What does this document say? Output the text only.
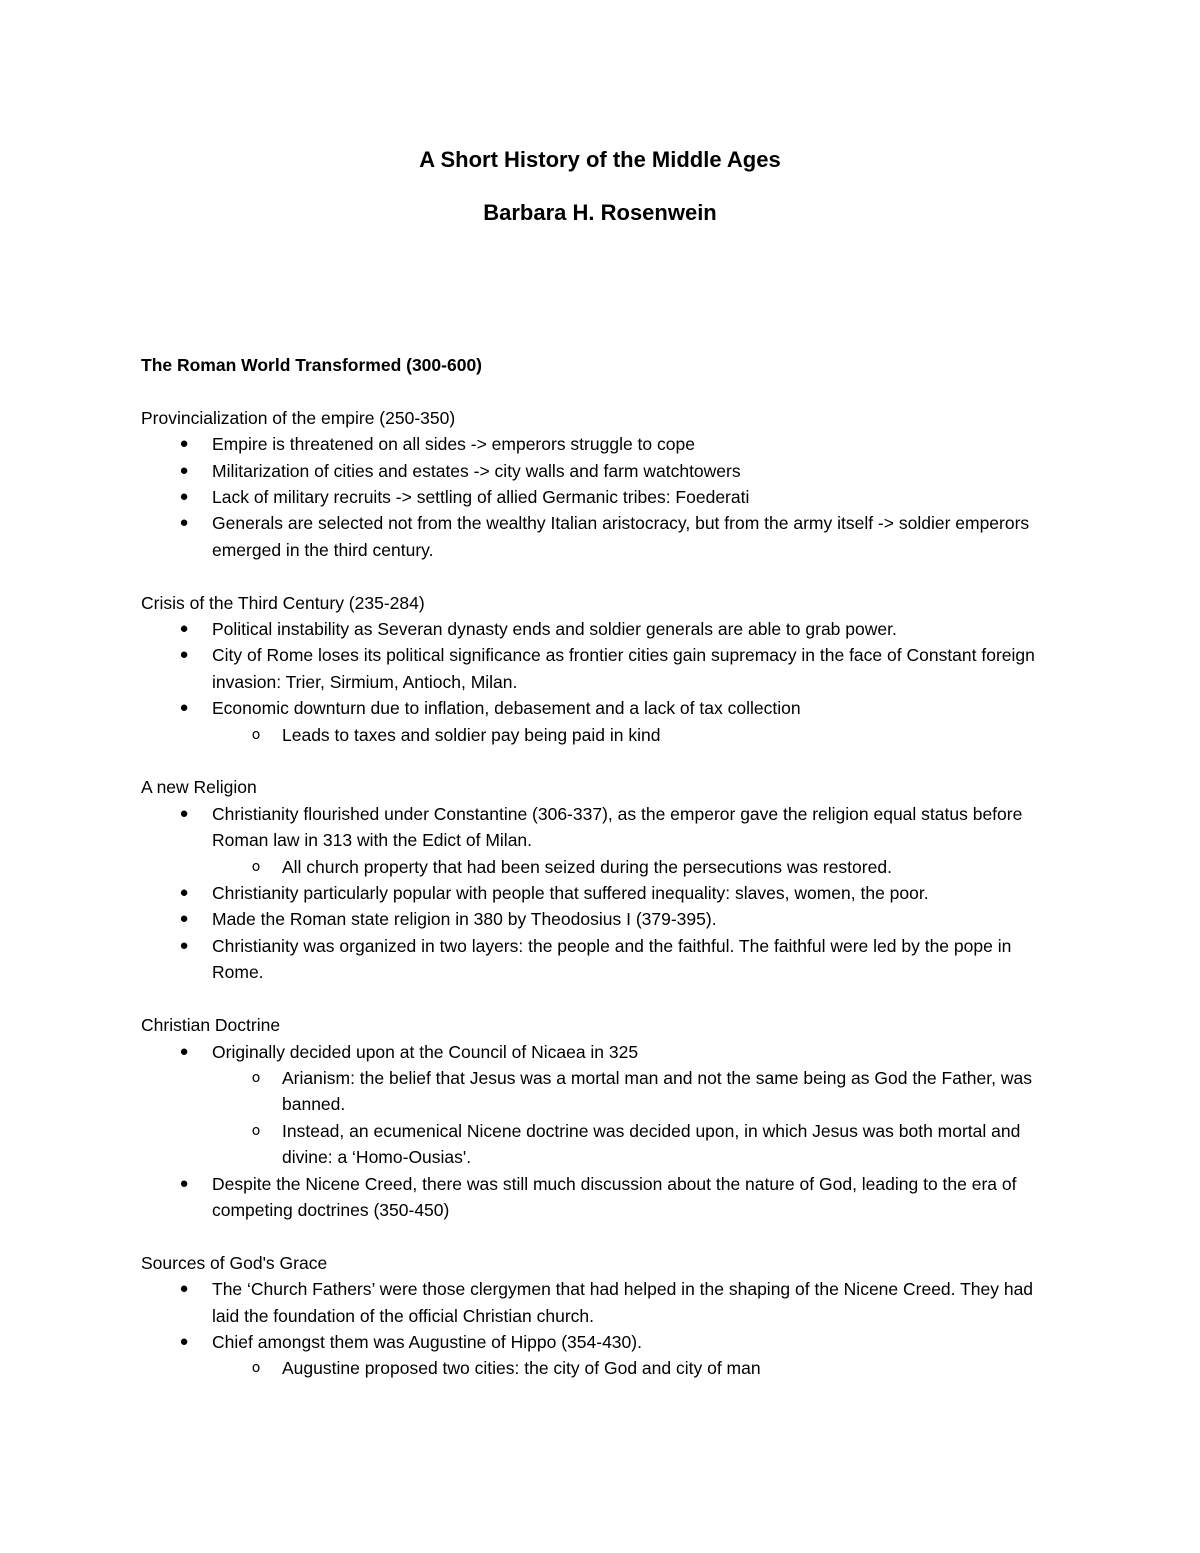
A Short History of the Middle Ages
Barbara H. Rosenwein
The Roman World Transformed (300-600)
Provincialization of the empire (250-350)
●	Empire is threatened on all sides -> emperors struggle to cope
●	Militarization of cities and estates -> city walls and farm watchtowers
●	Lack of military recruits -> settling of allied Germanic tribes: Foederati
●	Generals are selected not from the wealthy Italian aristocracy, but from the army itself -> soldier emperors emerged in the third century.
Crisis of the Third Century (235-284)
●	Political instability as Severan dynasty ends and soldier generals are able to grab power.
●	City of Rome loses its political significance as frontier cities gain supremacy in the face of Constant foreign invasion: Trier, Sirmium, Antioch, Milan.
●	Economic downturn due to inflation, debasement and a lack of tax collection
o Leads to taxes and soldier pay being paid in kind
A new Religion
●	Christianity flourished under Constantine (306-337), as the emperor gave the religion equal status before Roman law in 313 with the Edict of Milan.
o All church property that had been seized during the persecutions was restored.
●	Christianity particularly popular with people that suffered inequality: slaves, women, the poor.
●	Made the Roman state religion in 380 by Theodosius I (379-395).
●	Christianity was organized in two layers: the people and the faithful. The faithful were led by the pope in Rome.
Christian Doctrine
●	Originally decided upon at the Council of Nicaea in 325
o Arianism: the belief that Jesus was a mortal man and not the same being as God the Father, was banned.
o Instead, an ecumenical Nicene doctrine was decided upon, in which Jesus was both mortal and divine: a ‘Homo-Ousias'.
●	Despite the Nicene Creed, there was still much discussion about the nature of God, leading to the era of competing doctrines (350-450)
Sources of God's Grace
●	The ‘Church Fathers’ were those clergymen that had helped in the shaping of the Nicene Creed. They had laid the foundation of the official Christian church.
●	Chief amongst them was Augustine of Hippo (354-430).
o Augustine proposed two cities: the city of God and city of man
